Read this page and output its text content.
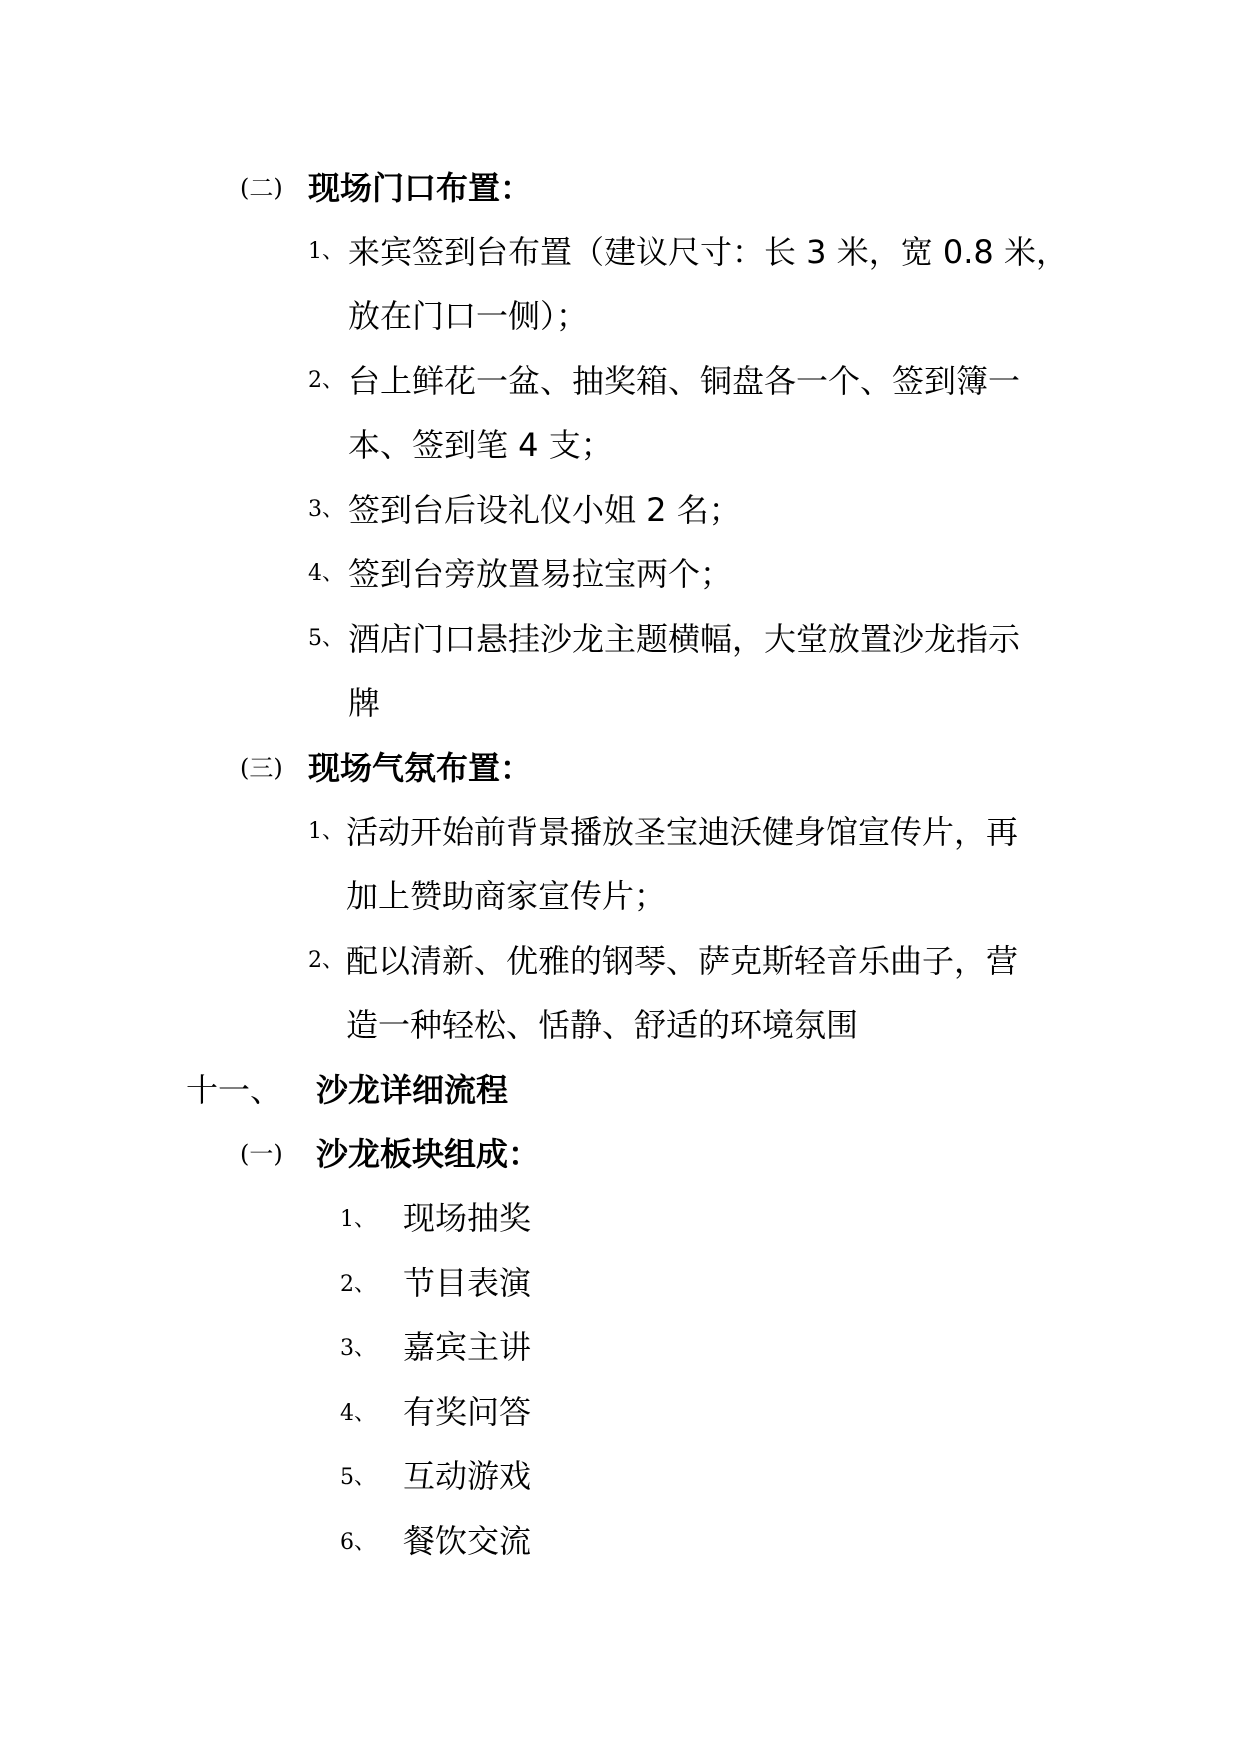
(二) 现场门口布置：
1、 来宾签到台布置（建议尺寸：长 3 米，宽 0.8 米，
放在门口一侧）；
2、 台上鲜花一盆、抽奖箱、铜盘各一个、签到簿一
本、签到笔 4 支；
3、 签到台后设礼仪小姐 2 名；
4、 签到台旁放置易拉宝两个；
5、 酒店门口悬挂沙龙主题横幅，大堂放置沙龙指示
牌
(三) 现场气氛布置：
1、 活动开始前背景播放圣宝迪沃健身馆宣传片，再
加上赞助商家宣传片；
2、 配以清新、优雅的钢琴、萨克斯轻音乐曲子，营
造一种轻松、恬静、舒适的环境氛围
十一、 沙龙详细流程
(一) 沙龙板块组成：
1、 现场抽奖
2、 节目表演
3、 嘉宾主讲
4、 有奖问答
5、 互动游戏
6、 餐饮交流
